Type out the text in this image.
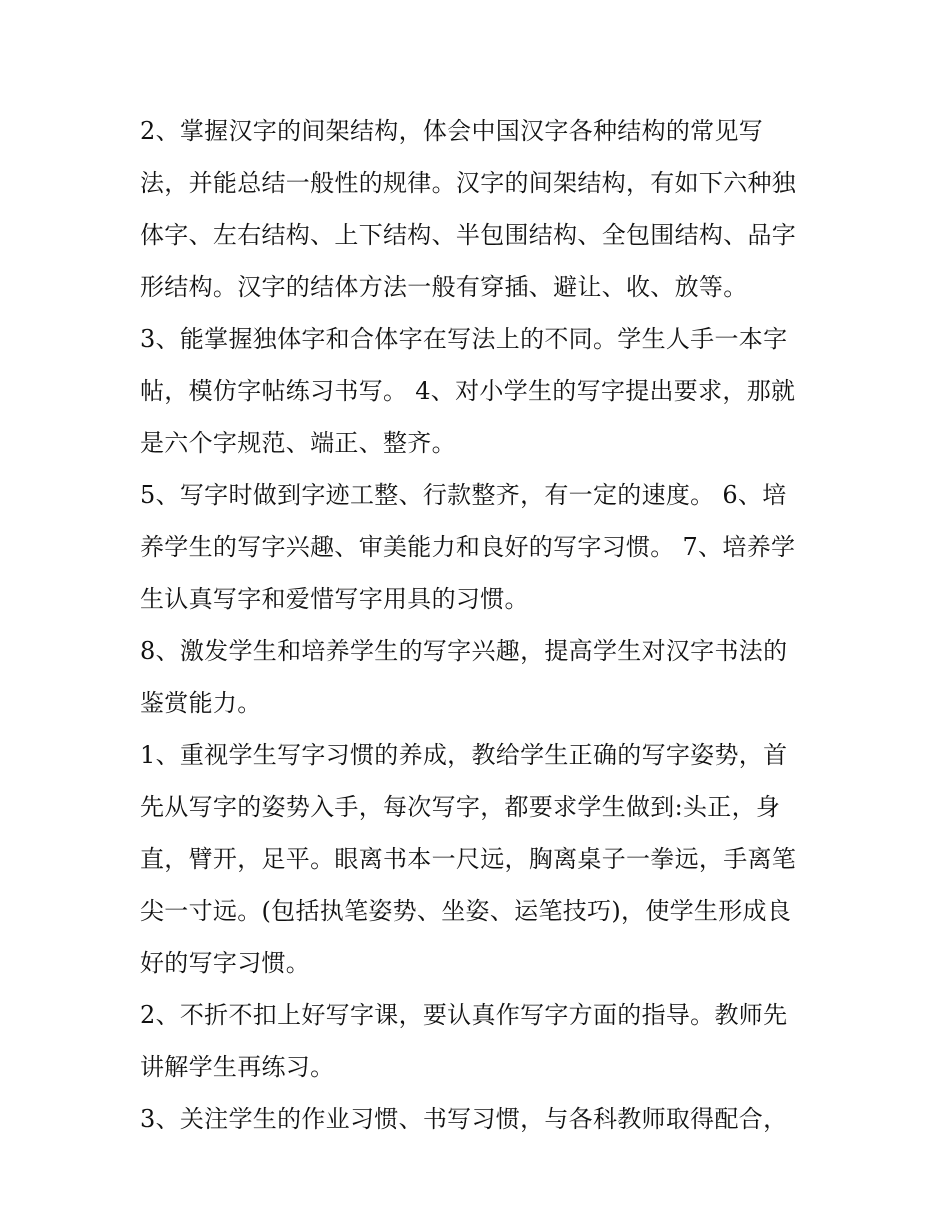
2、掌握汉字的间架结构，体会中国汉字各种结构的常见写
法，并能总结一般性的规律。汉字的间架结构，有如下六种独
体字、左右结构、上下结构、半包围结构、全包围结构、品字
形结构。汉字的结体方法一般有穿插、避让、收、放等。
3、能掌握独体字和合体字在写法上的不同。学生人手一本字
帖，模仿字帖练习书写。 4、对小学生的写字提出要求，那就
是六个字规范、端正、整齐。
5、写字时做到字迹工整、行款整齐，有一定的速度。 6、培
养学生的写字兴趣、审美能力和良好的写字习惯。 7、培养学
生认真写字和爱惜写字用具的习惯。
8、激发学生和培养学生的写字兴趣，提高学生对汉字书法的
鉴赏能力。
1、重视学生写字习惯的养成，教给学生正确的写字姿势，首
先从写字的姿势入手，每次写字，都要求学生做到:头正，身
直，臂开，足平。眼离书本一尺远，胸离桌子一拳远，手离笔
尖一寸远。(包括执笔姿势、坐姿、运笔技巧)，使学生形成良
好的写字习惯。
2、不折不扣上好写字课，要认真作写字方面的指导。教师先
讲解学生再练习。
3、关注学生的作业习惯、书写习惯，与各科教师取得配合，
